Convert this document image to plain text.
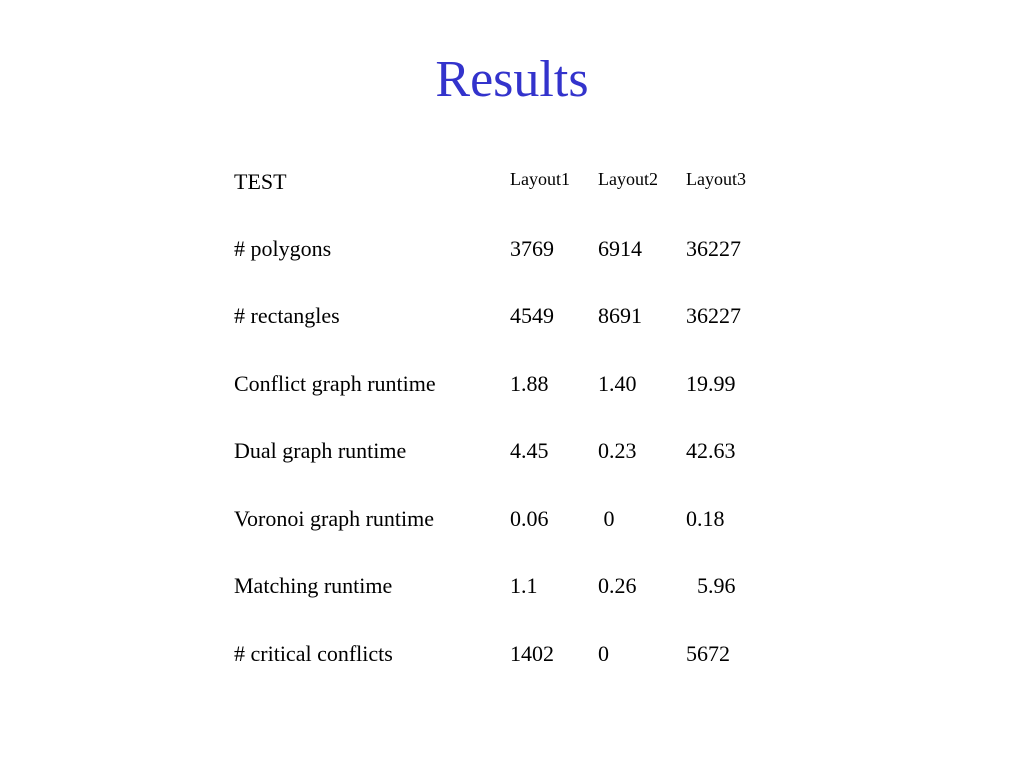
Results
TEST	Layout1 Layout2 Layout3
# polygons	3769 6914 36227
# rectangles	4549 8691 36227
Conflict graph runtime	1.88 1.40 19.99
Dual graph runtime	4.45 0.23 42.63
Voronoi graph runtime	0.06 0	0.18
Matching runtime	1.1	0.26 5.96
# critical conflicts	1402 0	5672
